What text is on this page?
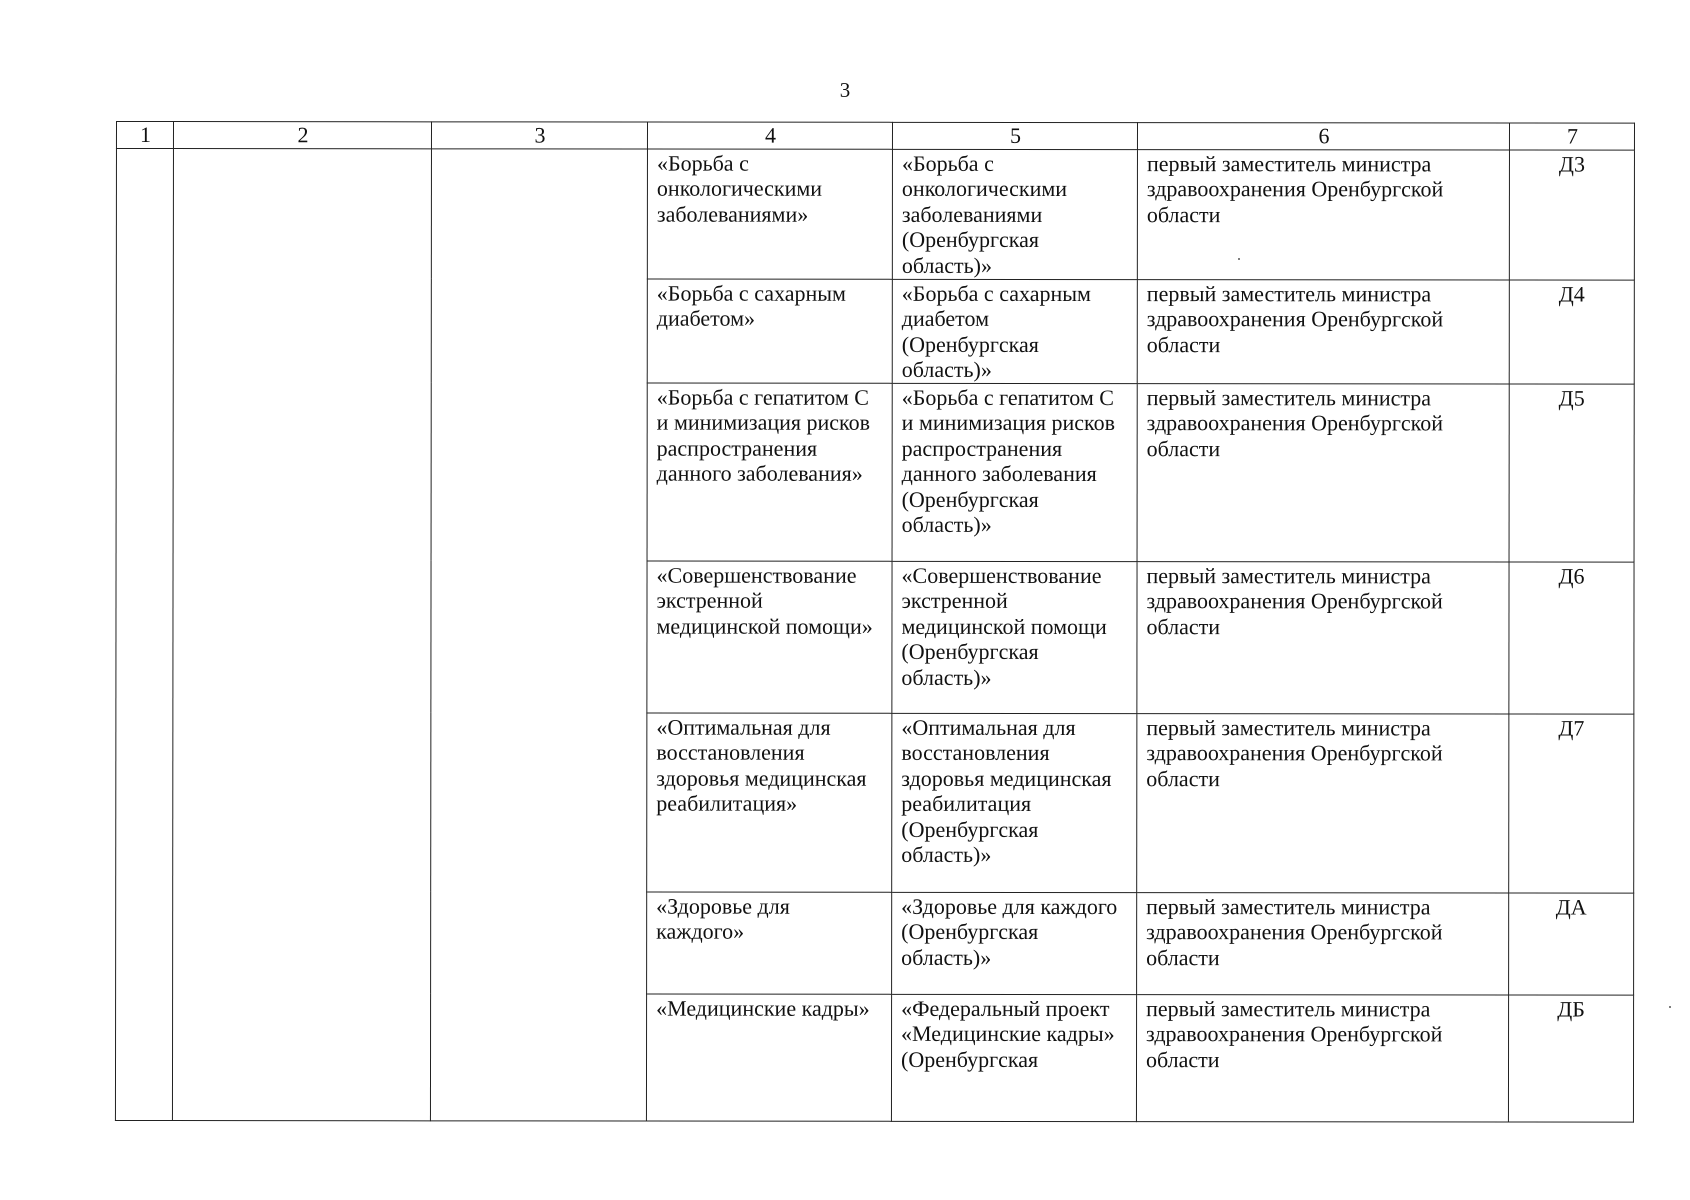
3
1	2	3	4	5	6	7
			«Борьба с онкологическими заболеваниями»	«Борьба с онкологическими заболеваниями (Оренбургская область)»	первый заместитель министра здравоохранения Оренбургской области	Д3
			«Борьба с сахарным диабетом»	«Борьба с сахарным диабетом (Оренбургская область)»	первый заместитель министра здравоохранения Оренбургской области	Д4
			«Борьба с гепатитом С и минимизация рисков распространения данного заболевания»	«Борьба с гепатитом С и минимизация рисков распространения данного заболевания (Оренбургская область)»	первый заместитель министра здравоохранения Оренбургской области	Д5
			«Совершенствование экстренной медицинской помощи»	«Совершенствование экстренной медицинской помощи (Оренбургская область)»	первый заместитель министра здравоохранения Оренбургской области	Д6
			«Оптимальная для восстановления здоровья медицинская реабилитация»	«Оптимальная для восстановления здоровья медицинская реабилитация (Оренбургская область)»	первый заместитель министра здравоохранения Оренбургской области	Д7
			«Здоровье для каждого»	«Здоровье для каждого (Оренбургская область)»	первый заместитель министра здравоохранения Оренбургской области	ДА
			«Медицинские кадры»	«Федеральный проект «Медицинские кадры» (Оренбургская	первый заместитель министра здравоохранения Оренбургской области	ДБ
